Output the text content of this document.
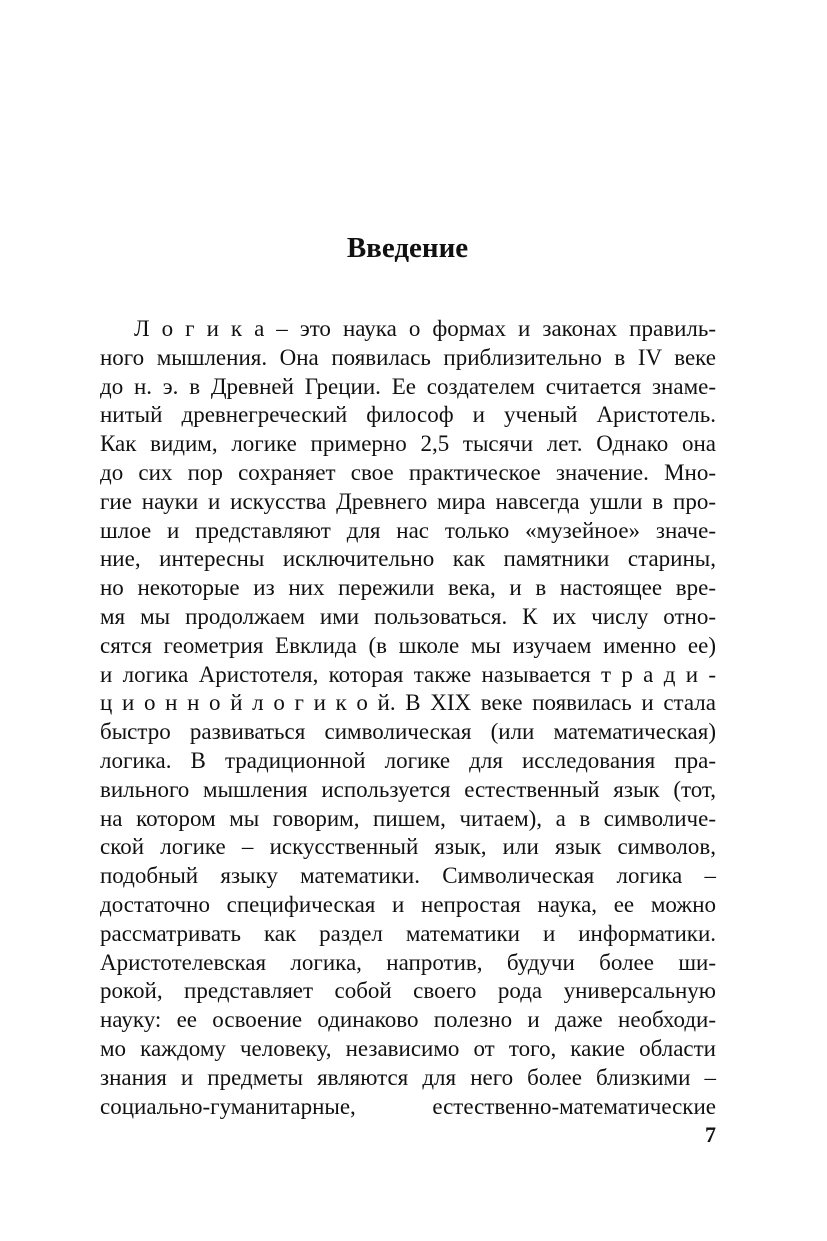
Введение
Л о г и к а – это наука о формах и законах правиль-
ного мышления. Она появилась приблизительно в IV веке
до н. э. в Древней Греции. Ее создателем считается знаме-
нитый древнегреческий философ и ученый Аристотель.
Как видим, логике примерно 2,5 тысячи лет. Однако она
до сих пор сохраняет свое практическое значение. Мно-
гие науки и искусства Древнего мира навсегда ушли в про-
шлое и представляют для нас только «музейное» значе-
ние, интересны исключительно как памятники старины,
но некоторые из них пережили века, и в настоящее вре-
мя мы продолжаем ими пользоваться. К их числу отно-
сятся геометрия Евклида (в школе мы изучаем именно ее)
и логика Аристотеля, которая также называется т р а д и -
ц и о н н о й л о г и к о й. В XIX веке появилась и стала
быстро развиваться символическая (или математическая)
логика. В традиционной логике для исследования пра-
вильного мышления используется естественный язык (тот,
на котором мы говорим, пишем, читаем), а в символиче-
ской логике – искусственный язык, или язык символов,
подобный языку математики. Символическая логика –
достаточно специфическая и непростая наука, ее можно
рассматривать как раздел математики и информатики.
Аристотелевская логика, напротив, будучи более ши-
рокой, представляет собой своего рода универсальную
науку: ее освоение одинаково полезно и даже необходи-
мо каждому человеку, независимо от того, какие области
знания и предметы являются для него более близкими –
социально-гуманитарные, естественно-математические
7
